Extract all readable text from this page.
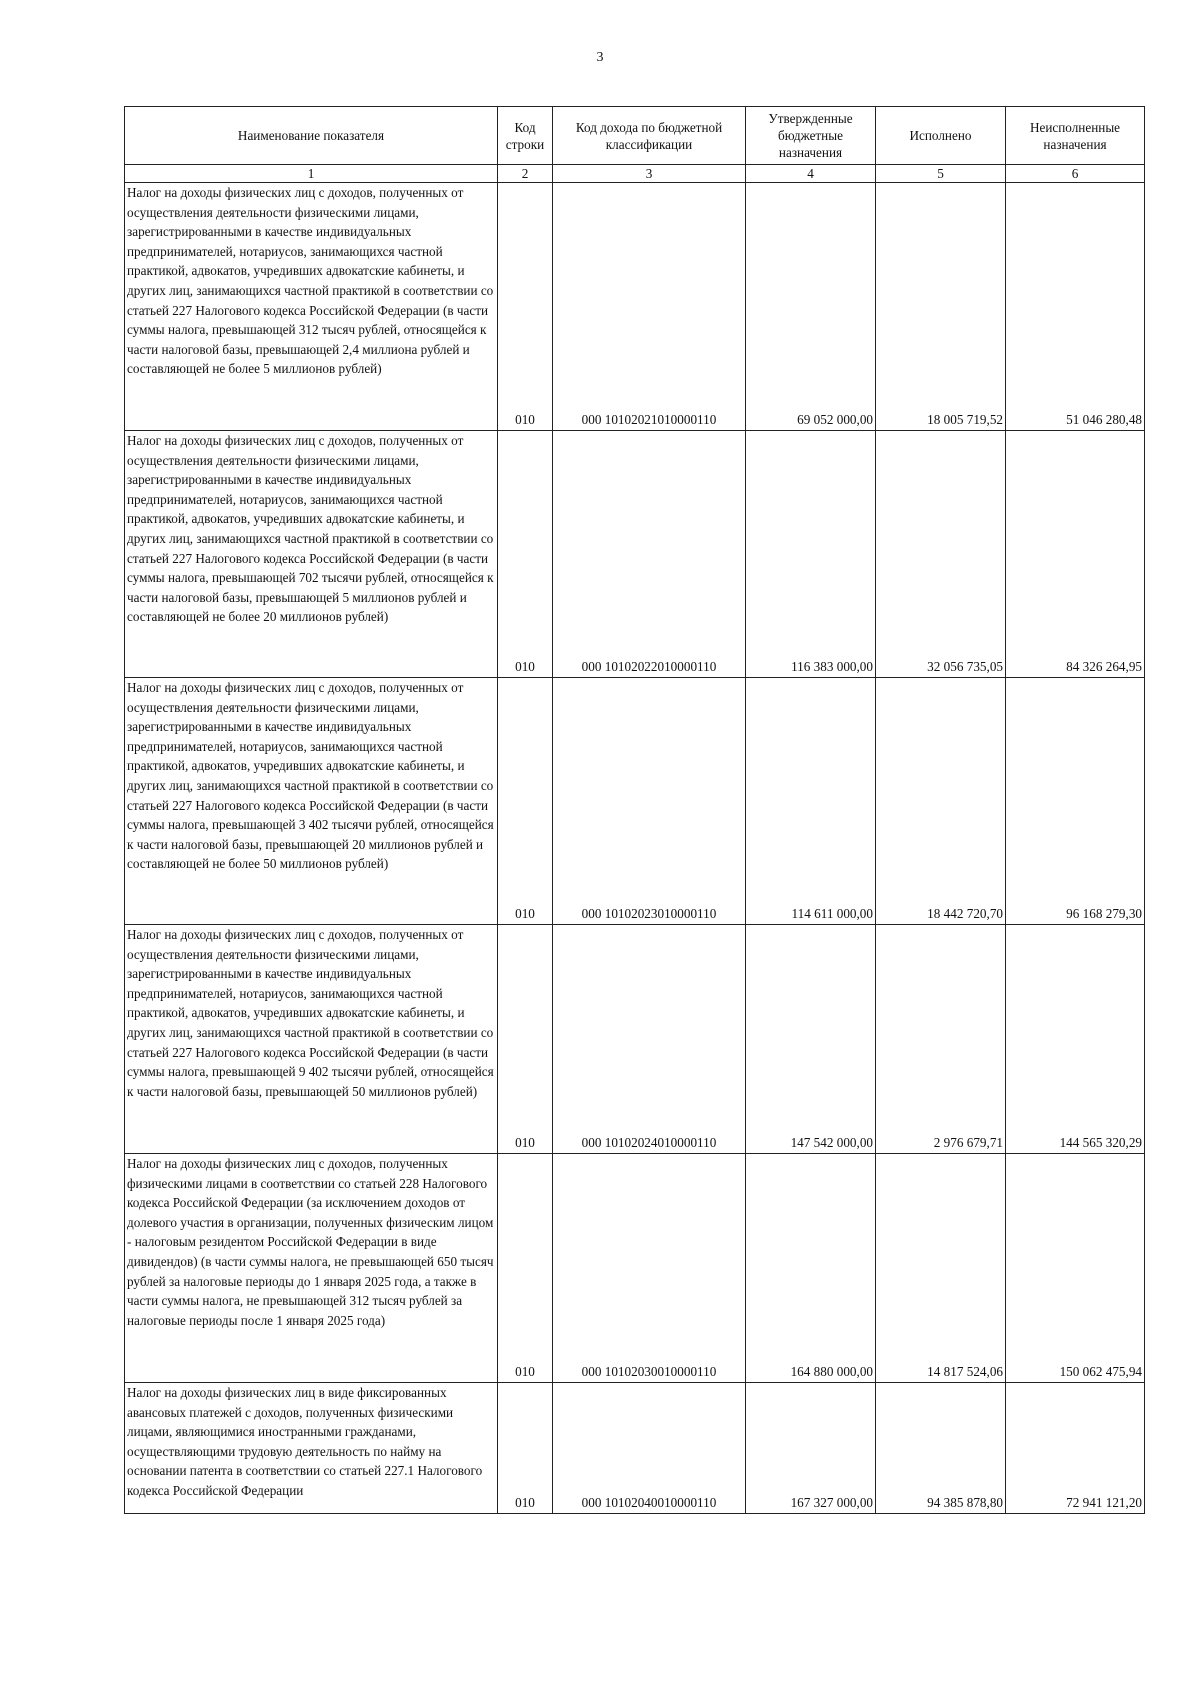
3
Наименование показателя	Код строки	Код дохода по бюджетной классификации	Утвержденные бюджетные назначения	Исполнено	Неисполненные назначения
1	2	3	4	5	6
Налог на доходы физических лиц с доходов, полученных от осуществления деятельности физическими лицами, зарегистрированными в качестве индивидуальных предпринимателей, нотариусов, занимающихся частной практикой, адвокатов, учредивших адвокатские кабинеты, и других лиц, занимающихся частной практикой в соответствии со статьей 227 Налогового кодекса Российской Федерации (в части суммы налога, превышающей 312 тысяч рублей, относящейся к части налоговой базы, превышающей 2,4 миллиона рублей и составляющей не более 5 миллионов рублей)	010	000 10102021010000110	69 052 000,00	18 005 719,52	51 046 280,48
Налог на доходы физических лиц с доходов, полученных от осуществления деятельности физическими лицами, зарегистрированными в качестве индивидуальных предпринимателей, нотариусов, занимающихся частной практикой, адвокатов, учредивших адвокатские кабинеты, и других лиц, занимающихся частной практикой в соответствии со статьей 227 Налогового кодекса Российской Федерации (в части суммы налога, превышающей 702 тысячи рублей, относящейся к части налоговой базы, превышающей 5 миллионов рублей и составляющей не более 20 миллионов рублей)	010	000 10102022010000110	116 383 000,00	32 056 735,05	84 326 264,95
Налог на доходы физических лиц с доходов, полученных от осуществления деятельности физическими лицами, зарегистрированными в качестве индивидуальных предпринимателей, нотариусов, занимающихся частной практикой, адвокатов, учредивших адвокатские кабинеты, и других лиц, занимающихся частной практикой в соответствии со статьей 227 Налогового кодекса Российской Федерации (в части суммы налога, превышающей 3 402 тысячи рублей, относящейся к части налоговой базы, превышающей 20 миллионов рублей и составляющей не более 50 миллионов рублей)	010	000 10102023010000110	114 611 000,00	18 442 720,70	96 168 279,30
Налог на доходы физических лиц с доходов, полученных от осуществления деятельности физическими лицами, зарегистрированными в качестве индивидуальных предпринимателей, нотариусов, занимающихся частной практикой, адвокатов, учредивших адвокатские кабинеты, и других лиц, занимающихся частной практикой в соответствии со статьей 227 Налогового кодекса Российской Федерации (в части суммы налога, превышающей 9 402 тысячи рублей, относящейся к части налоговой базы, превышающей 50 миллионов рублей)	010	000 10102024010000110	147 542 000,00	2 976 679,71	144 565 320,29
Налог на доходы физических лиц с доходов, полученных физическими лицами в соответствии со статьей 228 Налогового кодекса Российской Федерации (за исключением доходов от долевого участия в организации, полученных физическим лицом - налоговым резидентом Российской Федерации в виде дивидендов) (в части суммы налога, не превышающей 650 тысяч рублей за налоговые периоды до 1 января 2025 года, а также в части суммы налога, не превышающей 312 тысяч рублей за налоговые периоды после 1 января 2025 года)	010	000 10102030010000110	164 880 000,00	14 817 524,06	150 062 475,94
Налог на доходы физических лиц в виде фиксированных авансовых платежей с доходов, полученных физическими лицами, являющимися иностранными гражданами, осуществляющими трудовую деятельность по найму на основании патента в соответствии со статьей 227.1 Налогового кодекса Российской Федерации	010	000 10102040010000110	167 327 000,00	94 385 878,80	72 941 121,20
